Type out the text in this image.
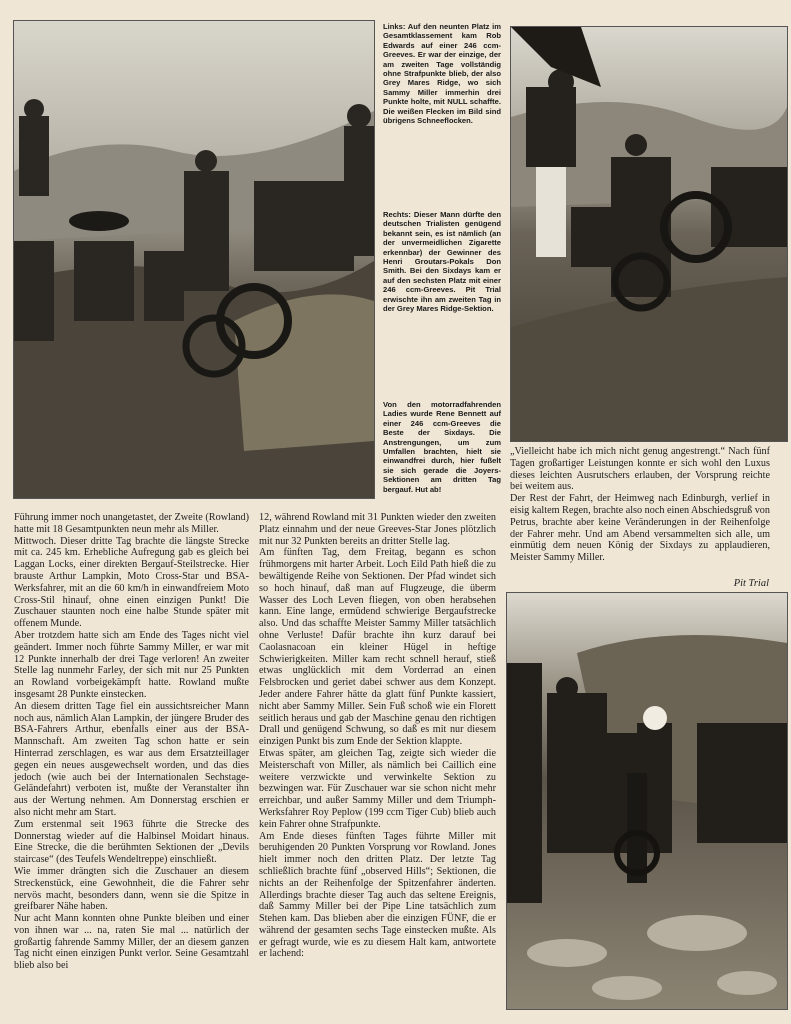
Links: Auf den neunten Platz im Gesamtklassement kam Rob Edwards auf einer 246 ccm-Greeves. Er war der einzige, der am zweiten Tage vollständig ohne Strafpunkte blieb, der also Grey Mares Ridge, wo sich Sammy Miller immerhin drei Punkte holte, mit NULL schaffte. Die weißen Flecken im Bild sind übrigens Schneeflocken.

Rechts: Dieser Mann dürfte den deutschen Trialisten genügend bekannt sein, es ist nämlich (an der unvermeidlichen Zigarette erkennbar) der Gewinner des Henri Groutars-Pokals Don Smith. Bei den Sixdays kam er auf den sechsten Platz mit einer 246 ccm-Greeves. Pit Trial erwischte ihn am zweiten Tag in der Grey Mares Ridge-Sektion.

Von den motorradfahrenden Ladies wurde Rene Bennett auf einer 246 ccm-Greeves die Beste der Sixdays. Die Anstrengungen, um zum Umfallen brachten, hielt sie einwandfrei durch, hier fußelt sie sich gerade die Joyers-Sektionen am dritten Tag bergauf. Hut ab!

Führung immer noch unangetastet, der Zweite (Rowland) hatte mit 18 Gesamtpunkten neun mehr als Miller.

Mittwoch. Dieser dritte Tag brachte die längste Strecke mit ca. 245 km. Erhebliche Aufregung gab es gleich bei Laggan Locks, einer direkten Bergauf-Steilstrecke. Hier brauste Arthur Lampkin, Moto Cross-Star und BSA-Werksfahrer, mit an die 60 km/h in einwandfreiem Moto Cross-Stil hinauf, ohne einen einzigen Punkt! Die Zuschauer staunten noch eine halbe Stunde später mit offenem Munde.

Aber trotzdem hatte sich am Ende des Tages nicht viel geändert. Immer noch führte Sammy Miller, er war mit 12 Punkte innerhalb der drei Tage verloren! An zweiter Stelle lag nunmehr Farley, der sich mit nur 25 Punkten an Rowland vorbeigekämpft hatte. Rowland mußte insgesamt 28 Punkte einstecken.

An diesem dritten Tage fiel ein aussichtsreicher Mann noch aus, nämlich Alan Lampkin, der jüngere Bruder des BSA-Fahrers Arthur, ebenfalls einer aus der BSA-Mannschaft. Am zweiten Tag schon hatte er sein Hinterrad zerschlagen, es war aus dem Ersatzteillager gegen ein neues ausgewechselt worden, und das dies jedoch (wie auch bei der Internationalen Sechstage-Geländefahrt) verboten ist, mußte der Veranstalter ihn aus der Wertung nehmen. Am Donnerstag erschien er also nicht mehr am Start.

Zum erstenmal seit 1963 führte die Strecke des Donnerstag wieder auf die Halbinsel Moidart hinaus. Eine Strecke, die die berühmten Sektionen der „Devils staircase“ (des Teufels Wendeltreppe) einschließt.

Wie immer drängten sich die Zuschauer an diesem Streckenstück, eine Gewohnheit, die die Fahrer sehr nervös macht, besonders dann, wenn sie die Spitze in greifbarer Nähe haben.

Nur acht Mann konnten ohne Punkte bleiben und einer von ihnen war ... na, raten Sie mal ... natürlich der großartig fahrende Sammy Miller, der an diesem ganzen Tag nicht einen einzigen Punkt verlor. Seine Gesamtzahl blieb also bei

12, während Rowland mit 31 Punkten wieder den zweiten Platz einnahm und der neue Greeves-Star Jones plötzlich mit nur 32 Punkten bereits an dritter Stelle lag.

Am fünften Tag, dem Freitag, begann es schon frühmorgens mit harter Arbeit. Loch Eild Path hieß die zu bewältigende Reihe von Sektionen. Der Pfad windet sich so hoch hinauf, daß man auf Flugzeuge, die überm Wasser des Loch Leven fliegen, von oben herabsehen kann. Eine lange, ermüdend schwierige Bergaufstrecke also. Und das schaffte Meister Sammy Miller tatsächlich ohne Verluste! Dafür brachte ihn kurz darauf bei Caolasnacoan ein kleiner Hügel in heftige Schwierigkeiten. Miller kam recht schnell herauf, stieß etwas unglücklich mit dem Vorderrad an einen Felsbrocken und geriet dabei schwer aus dem Konzept. Jeder andere Fahrer hätte da glatt fünf Punkte kassiert, nicht aber Sammy Miller. Sein Fuß schoß wie ein Florett seitlich heraus und gab der Maschine genau den richtigen Drall und genügend Schwung, so daß es mit nur diesem einzigen Punkt bis zum Ende der Sektion klappte.

Etwas später, am gleichen Tag, zeigte sich wieder die Meisterschaft von Miller, als nämlich bei Caillich eine weitere verzwickte und verwinkelte Sektion zu bezwingen war. Für Zuschauer war sie schon nicht mehr erreichbar, und außer Sammy Miller und dem Triumph-Werksfahrer Roy Peplow (199 ccm Tiger Cub) blieb auch kein Fahrer ohne Strafpunkte.

Am Ende dieses fünften Tages führte Miller mit beruhigenden 20 Punkten Vorsprung vor Rowland. Jones hielt immer noch den dritten Platz. Der letzte Tag schließlich brachte fünf „observed Hills“; Sektionen, die nichts an der Reihenfolge der Spitzenfahrer änderten. Allerdings brachte dieser Tag auch das seltene Ereignis, daß Sammy Miller bei der Pipe Line tatsächlich zum Stehen kam. Das blieben aber die einzigen FÜNF, die er während der gesamten sechs Tage einstecken mußte. Als er gefragt wurde, wie es zu diesem Halt kam, antwortete er lachend:

„Vielleicht habe ich mich nicht genug angestrengt.“ Nach fünf Tagen großartiger Leistungen konnte er sich wohl den Luxus dieses leichten Ausrutschers erlauben, der Vorsprung reichte bei weitem aus.

Der Rest der Fahrt, der Heimweg nach Edinburgh, verlief in eisig kaltem Regen, brachte also noch einen Abschiedsgruß von Petrus, brachte aber keine Veränderungen in der Reihenfolge der Fahrer mehr. Und am Abend versammelten sich alle, um einmütig dem neuen König der Sixdays zu applaudieren, Meister Sammy Miller.

Pit Trial
